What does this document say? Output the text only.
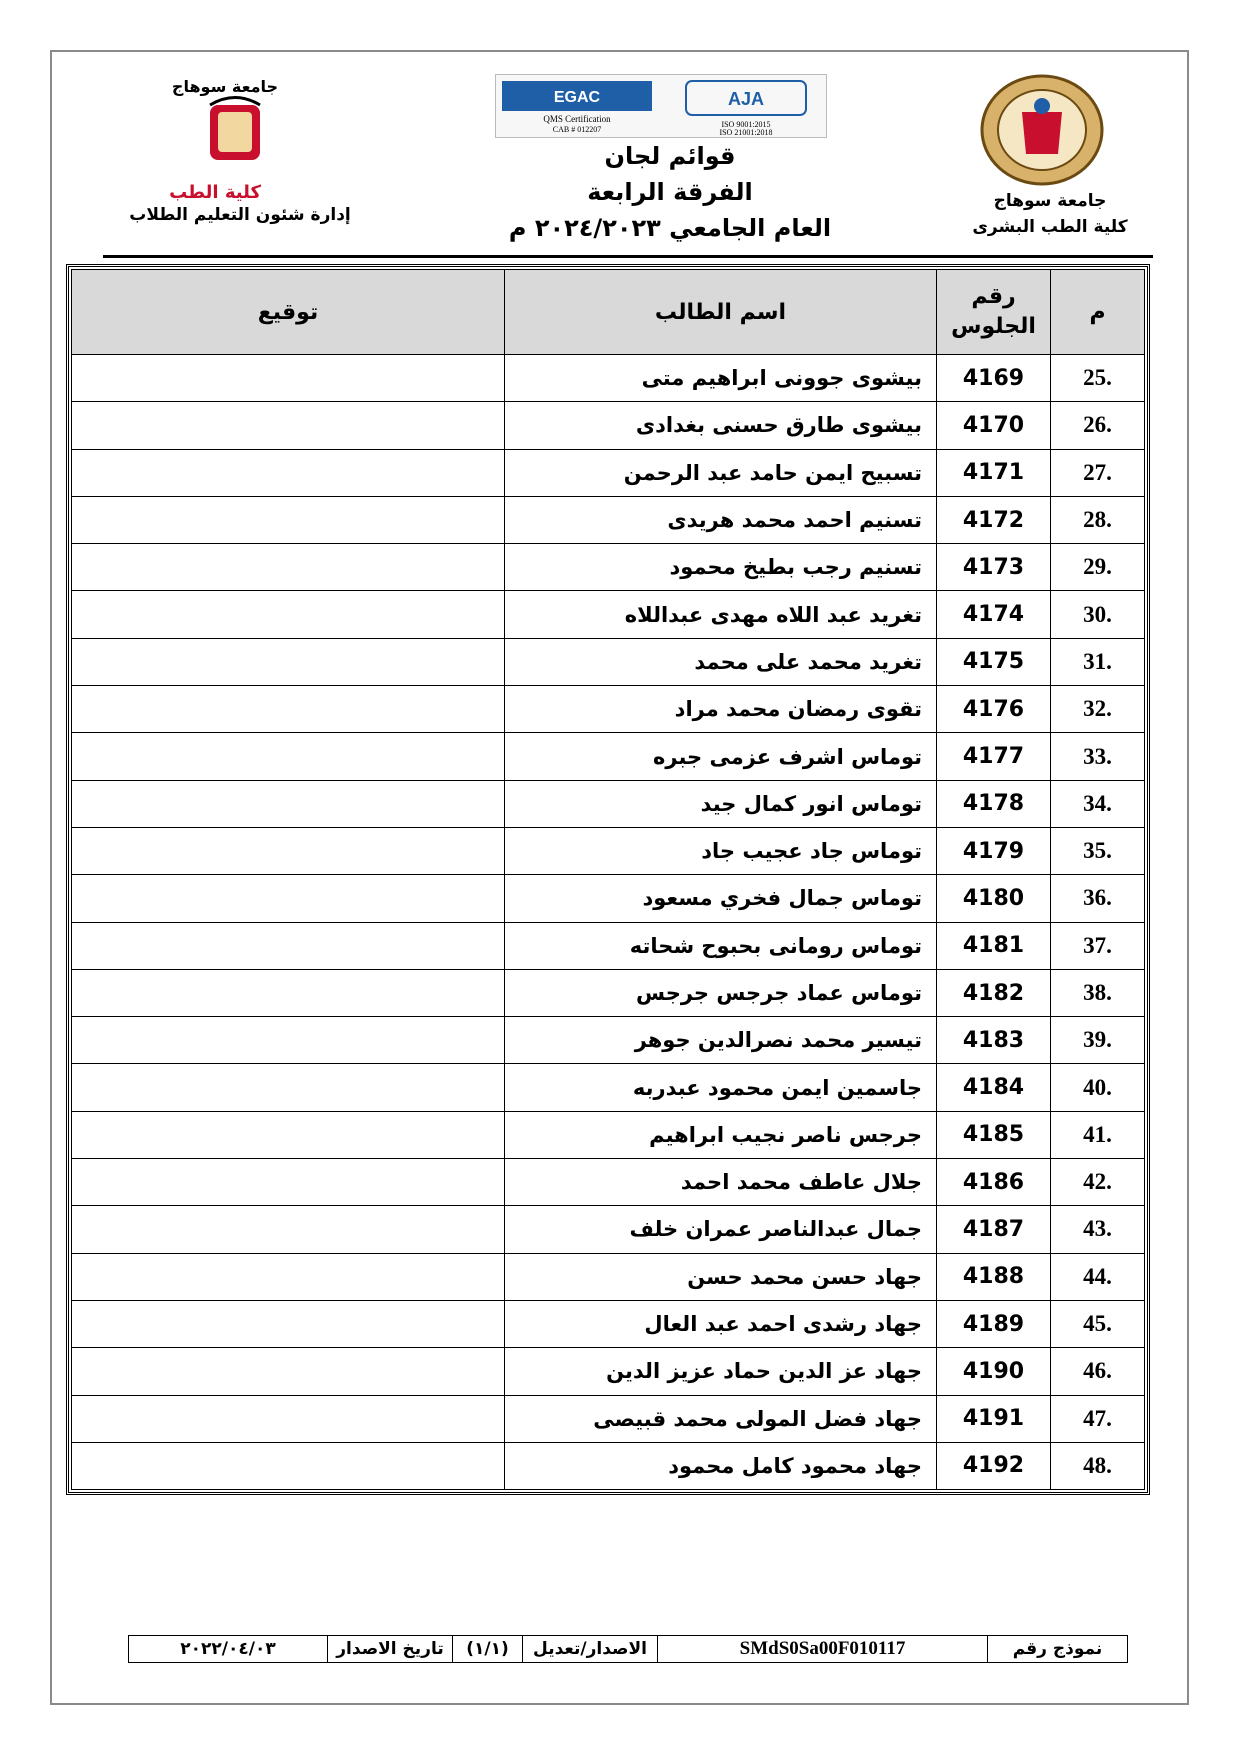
جامعة سوهاج
كلية الطب
إدارة شئون التعليم الطلاب
EGAC
QMS Certification
CAB # 012207
AJA
ISO 9001:2015
ISO 21001:2018
قوائم لجان
الفرقة الرابعة
العام الجامعي ٢٠٢٤/٢٠٢٣ م
جامعة سوهاج
كلية الطب البشرى
م	رقم الجلوس	اسم الطالب	توقيع
25.	4169	بيشوى جوونى ابراهيم متى	
26.	4170	بيشوى طارق حسنى بغدادى	
27.	4171	تسبيح ايمن حامد عبد الرحمن	
28.	4172	تسنيم احمد محمد هريدى	
29.	4173	تسنيم رجب بطيخ محمود	
30.	4174	تغريد عبد اللاه مهدى عبداللاه	
31.	4175	تغريد محمد على محمد	
32.	4176	تقوى رمضان محمد مراد	
33.	4177	توماس اشرف عزمى جبره	
34.	4178	توماس انور كمال جيد	
35.	4179	توماس جاد عجيب جاد	
36.	4180	توماس جمال فخري مسعود	
37.	4181	توماس رومانى بحبوح شحاته	
38.	4182	توماس عماد جرجس جرجس	
39.	4183	تيسير محمد نصرالدين جوهر	
40.	4184	جاسمين ايمن محمود عبدربه	
41.	4185	جرجس ناصر نجيب ابراهيم	
42.	4186	جلال عاطف محمد احمد	
43.	4187	جمال عبدالناصر عمران خلف	
44.	4188	جهاد حسن محمد حسن	
45.	4189	جهاد رشدى احمد عبد العال	
46.	4190	جهاد عز الدين حماد عزيز الدين	
47.	4191	جهاد فضل المولى محمد قبيصى	
48.	4192	جهاد محمود كامل محمود	
نموذج رقم
SMdS0Sa00F010117
الاصدار/تعديل
(١/١)
تاريخ الاصدار
٢٠٢٢/٠٤/٠٣
